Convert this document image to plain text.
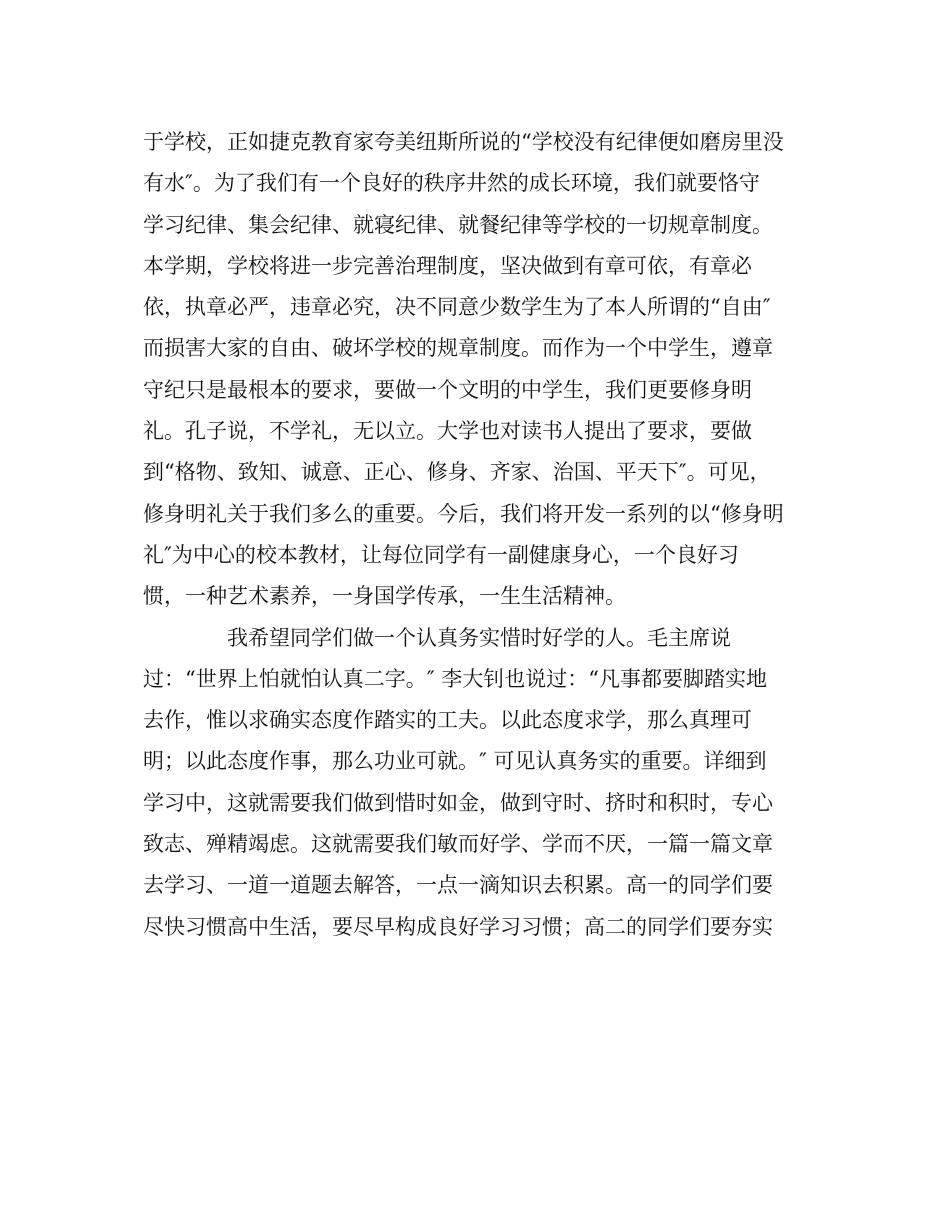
于学校，正如捷克教育家夸美纽斯所说的“学校没有纪律便如磨房里没
有水″。为了我们有一个良好的秩序井然的成长环境，我们就要恪守
学习纪律、集会纪律、就寝纪律、就餐纪律等学校的一切规章制度。
本学期，学校将进一步完善治理制度，坚决做到有章可依，有章必
依，执章必严，违章必究，决不同意少数学生为了本人所谓的“自由″
而损害大家的自由、破坏学校的规章制度。而作为一个中学生，遵章
守纪只是最根本的要求，要做一个文明的中学生，我们更要修身明
礼。孔子说，不学礼，无以立。大学也对读书人提出了要求，要做
到“格物、致知、诚意、正心、修身、齐家、治国、平天下″。可见，
修身明礼关于我们多么的重要。今后，我们将开发一系列的以“修身明
礼″为中心的校本教材，让每位同学有一副健康身心，一个良好习
惯，一种艺术素养，一身国学传承，一生生活精神。
我希望同学们做一个认真务实惜时好学的人。毛主席说
过：“世界上怕就怕认真二字。″ 李大钊也说过：“凡事都要脚踏实地
去作，惟以求确实态度作踏实的工夫。以此态度求学，那么真理可
明；以此态度作事，那么功业可就。″ 可见认真务实的重要。详细到
学习中，这就需要我们做到惜时如金，做到守时、挤时和积时，专心
致志、殚精竭虑。这就需要我们敏而好学、学而不厌，一篇一篇文章
去学习、一道一道题去解答，一点一滴知识去积累。高一的同学们要
尽快习惯高中生活，要尽早构成良好学习习惯；高二的同学们要夯实
